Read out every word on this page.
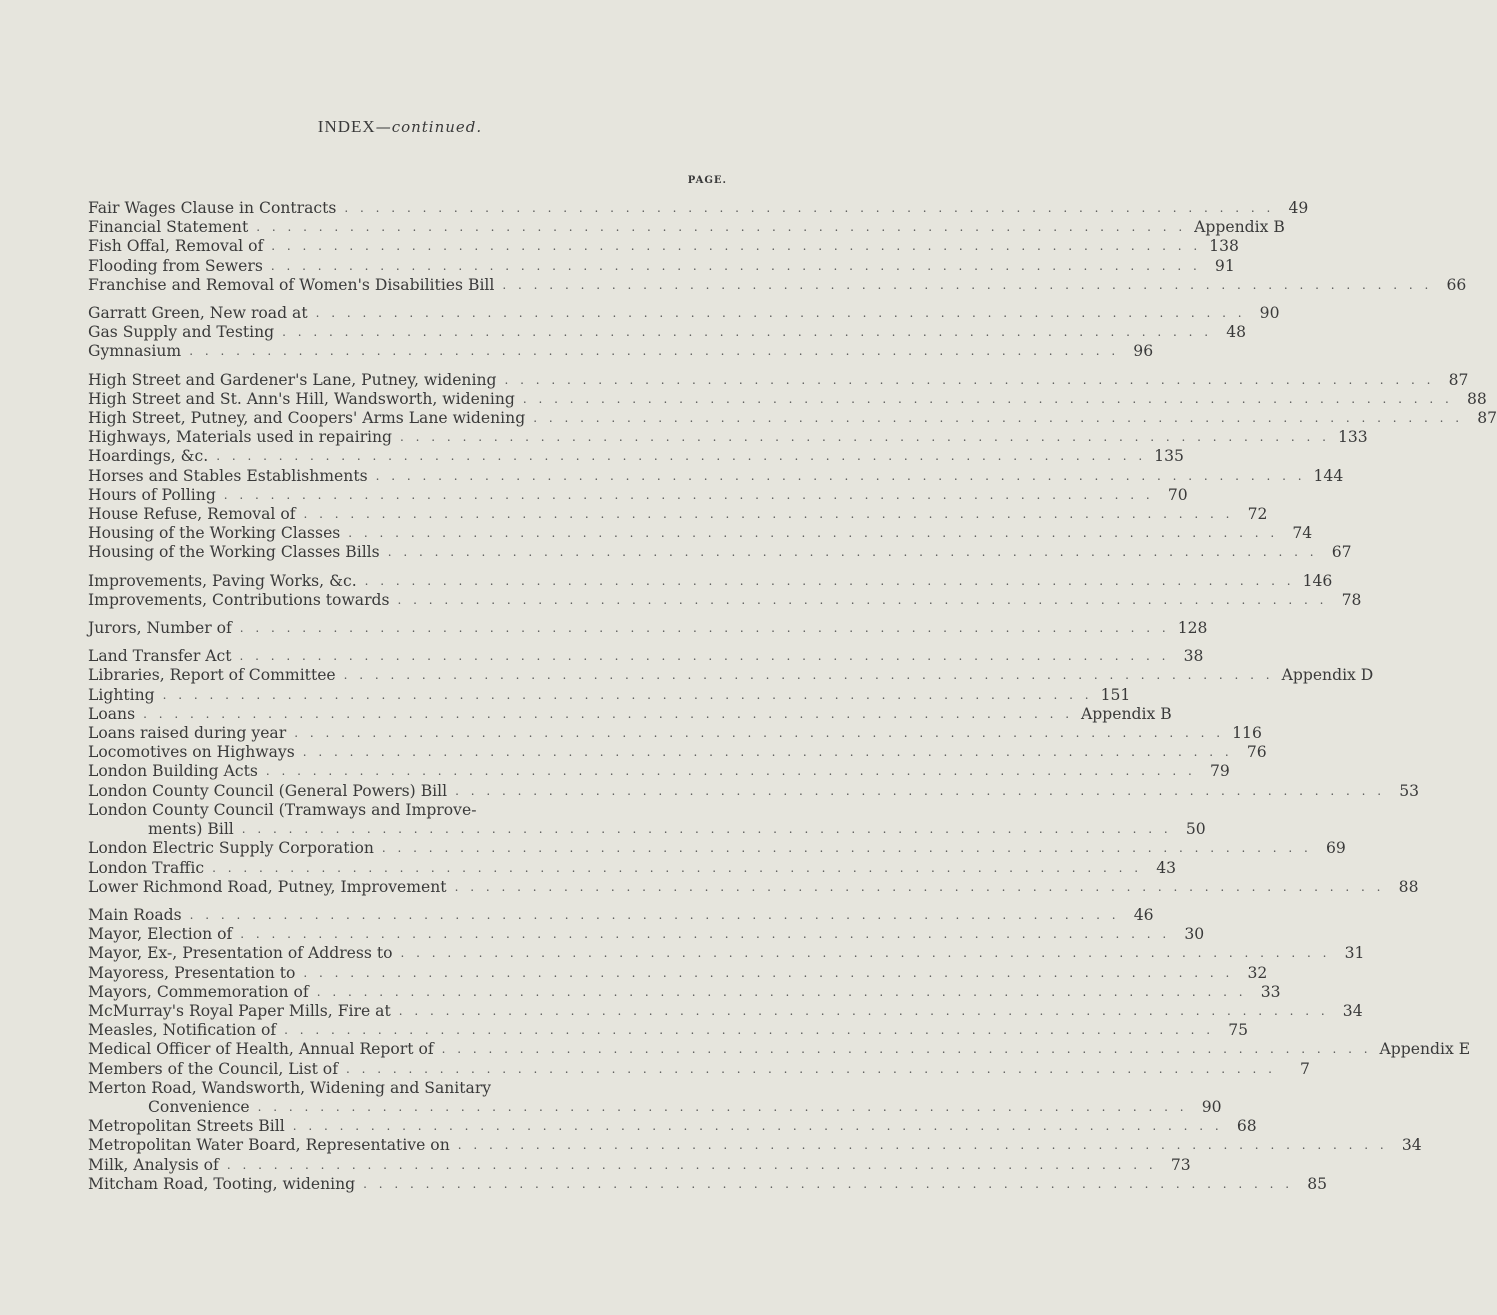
INDEX—continued.
PAGE.
Fair Wages Clause in Contracts . . . . . . . . . . . . . . . . . . . . . . . . . . . . . . . . . . . . . . . . . . . . . . . . . . . . . . . . . . . . 49
Financial Statement . . . . . . . . . . . . . . . . . . . . . . . . . . . . . . . . . . . . . . . . . . . . . . . . . . . . . . . . . . . . Appendix B
Fish Offal, Removal of . . . . . . . . . . . . . . . . . . . . . . . . . . . . . . . . . . . . . . . . . . . . . . . . . . . . . . . . . . . . 138
Flooding from Sewers . . . . . . . . . . . . . . . . . . . . . . . . . . . . . . . . . . . . . . . . . . . . . . . . . . . . . . . . . . . . 91
Franchise and Removal of Women's Disabilities Bill . . . . . . . . . . . . . . . . . . . . . . . . . . . . . . . . . . . . . . . . . . . . . . . . . . . . . . . . . . . . 66
Garratt Green, New road at . . . . . . . . . . . . . . . . . . . . . . . . . . . . . . . . . . . . . . . . . . . . . . . . . . . . . . . . . . . . 90
Gas Supply and Testing . . . . . . . . . . . . . . . . . . . . . . . . . . . . . . . . . . . . . . . . . . . . . . . . . . . . . . . . . . . . 48
Gymnasium . . . . . . . . . . . . . . . . . . . . . . . . . . . . . . . . . . . . . . . . . . . . . . . . . . . . . . . . . . . . 96
High Street and Gardener's Lane, Putney, widening . . . . . . . . . . . . . . . . . . . . . . . . . . . . . . . . . . . . . . . . . . . . . . . . . . . . . . . . . . . . 87
High Street and St. Ann's Hill, Wandsworth, widening . . . . . . . . . . . . . . . . . . . . . . . . . . . . . . . . . . . . . . . . . . . . . . . . . . . . . . . . . . . . 88
High Street, Putney, and Coopers' Arms Lane widening . . . . . . . . . . . . . . . . . . . . . . . . . . . . . . . . . . . . . . . . . . . . . . . . . . . . . . . . . . . . 87
Highways, Materials used in repairing . . . . . . . . . . . . . . . . . . . . . . . . . . . . . . . . . . . . . . . . . . . . . . . . . . . . . . . . . . . . 133
Hoardings, &c. . . . . . . . . . . . . . . . . . . . . . . . . . . . . . . . . . . . . . . . . . . . . . . . . . . . . . . . . . . . . 135
Horses and Stables Establishments . . . . . . . . . . . . . . . . . . . . . . . . . . . . . . . . . . . . . . . . . . . . . . . . . . . . . . . . . . . . 144
Hours of Polling . . . . . . . . . . . . . . . . . . . . . . . . . . . . . . . . . . . . . . . . . . . . . . . . . . . . . . . . . . . . 70
House Refuse, Removal of . . . . . . . . . . . . . . . . . . . . . . . . . . . . . . . . . . . . . . . . . . . . . . . . . . . . . . . . . . . . 72
Housing of the Working Classes . . . . . . . . . . . . . . . . . . . . . . . . . . . . . . . . . . . . . . . . . . . . . . . . . . . . . . . . . . . . 74
Housing of the Working Classes Bills . . . . . . . . . . . . . . . . . . . . . . . . . . . . . . . . . . . . . . . . . . . . . . . . . . . . . . . . . . . . 67
Improvements, Paving Works, &c. . . . . . . . . . . . . . . . . . . . . . . . . . . . . . . . . . . . . . . . . . . . . . . . . . . . . . . . . . . . . 146
Improvements, Contributions towards . . . . . . . . . . . . . . . . . . . . . . . . . . . . . . . . . . . . . . . . . . . . . . . . . . . . . . . . . . . . 78
Jurors, Number of . . . . . . . . . . . . . . . . . . . . . . . . . . . . . . . . . . . . . . . . . . . . . . . . . . . . . . . . . . . . 128
Land Transfer Act . . . . . . . . . . . . . . . . . . . . . . . . . . . . . . . . . . . . . . . . . . . . . . . . . . . . . . . . . . . . 38
Libraries, Report of Committee . . . . . . . . . . . . . . . . . . . . . . . . . . . . . . . . . . . . . . . . . . . . . . . . . . . . . . . . . . . . Appendix D
Lighting . . . . . . . . . . . . . . . . . . . . . . . . . . . . . . . . . . . . . . . . . . . . . . . . . . . . . . . . . . . . 151
Loans . . . . . . . . . . . . . . . . . . . . . . . . . . . . . . . . . . . . . . . . . . . . . . . . . . . . . . . . . . . . Appendix B
Loans raised during year . . . . . . . . . . . . . . . . . . . . . . . . . . . . . . . . . . . . . . . . . . . . . . . . . . . . . . . . . . . . 116
Locomotives on Highways . . . . . . . . . . . . . . . . . . . . . . . . . . . . . . . . . . . . . . . . . . . . . . . . . . . . . . . . . . . . 76
London Building Acts . . . . . . . . . . . . . . . . . . . . . . . . . . . . . . . . . . . . . . . . . . . . . . . . . . . . . . . . . . . . 79
London County Council (General Powers) Bill . . . . . . . . . . . . . . . . . . . . . . . . . . . . . . . . . . . . . . . . . . . . . . . . . . . . . . . . . . . . 53
London County Council (Tramways and Improve-
ments) Bill . . . . . . . . . . . . . . . . . . . . . . . . . . . . . . . . . . . . . . . . . . . . . . . . . . . . . . . . . . . . 50
London Electric Supply Corporation . . . . . . . . . . . . . . . . . . . . . . . . . . . . . . . . . . . . . . . . . . . . . . . . . . . . . . . . . . . . 69
London Traffic . . . . . . . . . . . . . . . . . . . . . . . . . . . . . . . . . . . . . . . . . . . . . . . . . . . . . . . . . . . . 43
Lower Richmond Road, Putney, Improvement . . . . . . . . . . . . . . . . . . . . . . . . . . . . . . . . . . . . . . . . . . . . . . . . . . . . . . . . . . . . 88
Main Roads . . . . . . . . . . . . . . . . . . . . . . . . . . . . . . . . . . . . . . . . . . . . . . . . . . . . . . . . . . . . 46
Mayor, Election of . . . . . . . . . . . . . . . . . . . . . . . . . . . . . . . . . . . . . . . . . . . . . . . . . . . . . . . . . . . . 30
Mayor, Ex-, Presentation of Address to . . . . . . . . . . . . . . . . . . . . . . . . . . . . . . . . . . . . . . . . . . . . . . . . . . . . . . . . . . . . 31
Mayoress, Presentation to . . . . . . . . . . . . . . . . . . . . . . . . . . . . . . . . . . . . . . . . . . . . . . . . . . . . . . . . . . . . 32
Mayors, Commemoration of . . . . . . . . . . . . . . . . . . . . . . . . . . . . . . . . . . . . . . . . . . . . . . . . . . . . . . . . . . . . 33
McMurray's Royal Paper Mills, Fire at . . . . . . . . . . . . . . . . . . . . . . . . . . . . . . . . . . . . . . . . . . . . . . . . . . . . . . . . . . . . 34
Measles, Notification of . . . . . . . . . . . . . . . . . . . . . . . . . . . . . . . . . . . . . . . . . . . . . . . . . . . . . . . . . . . . 75
Medical Officer of Health, Annual Report of . . . . . . . . . . . . . . . . . . . . . . . . . . . . . . . . . . . . . . . . . . . . . . . . . . . . . . . . . . . . Appendix E
Members of the Council, List of . . . . . . . . . . . . . . . . . . . . . . . . . . . . . . . . . . . . . . . . . . . . . . . . . . . . . . . . . . . .	7
Merton Road, Wandsworth, Widening and Sanitary
Convenience . . . . . . . . . . . . . . . . . . . . . . . . . . . . . . . . . . . . . . . . . . . . . . . . . . . . . . . . . . . . 90
Metropolitan Streets Bill . . . . . . . . . . . . . . . . . . . . . . . . . . . . . . . . . . . . . . . . . . . . . . . . . . . . . . . . . . . . 68
Metropolitan Water Board, Representative on . . . . . . . . . . . . . . . . . . . . . . . . . . . . . . . . . . . . . . . . . . . . . . . . . . . . . . . . . . . . 34
Milk, Analysis of . . . . . . . . . . . . . . . . . . . . . . . . . . . . . . . . . . . . . . . . . . . . . . . . . . . . . . . . . . . . 73
Mitcham Road, Tooting, widening . . . . . . . . . . . . . . . . . . . . . . . . . . . . . . . . . . . . . . . . . . . . . . . . . . . . . . . . . . . . 85
